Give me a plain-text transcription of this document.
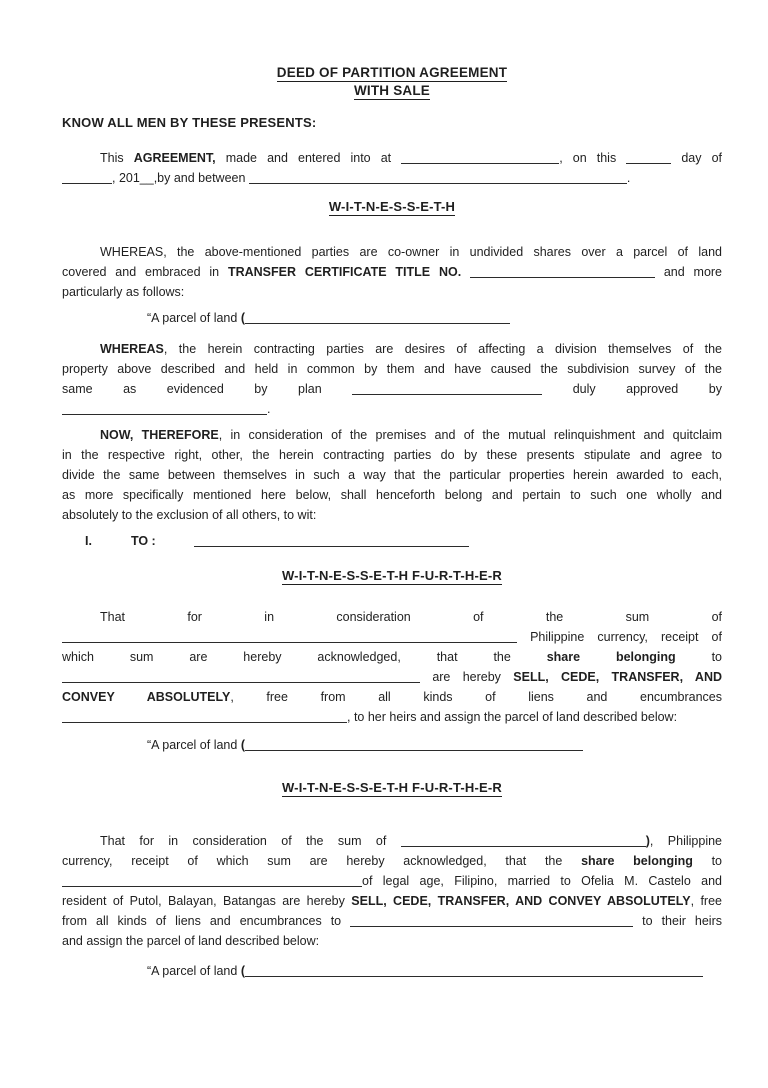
DEED OF PARTITION AGREEMENT
WITH SALE
KNOW ALL MEN BY THESE PRESENTS:
This AGREEMENT, made and entered into at	, on this	day of
, 201__,by and between	.
W-I-T-N-E-S-S-E-T-H
WHEREAS, the above-mentioned parties are co-owner in undivided shares over a parcel of land
covered and embraced in TRANSFER CERTIFICATE TITLE NO.	and more
particularly as follows:
“A parcel of land (
WHEREAS, the herein contracting parties are desires of affecting a division themselves of the
property above described and held in common by them and have caused the subdivision survey of the
same as evidenced by plan	duly approved by
.
NOW, THEREFORE, in consideration of the premises and of the mutual relinquishment and quitclaim
in the respective right, other, the herein contracting parties do by these presents stipulate and agree to
divide the same between themselves in such a way that the particular properties herein awarded to each,
as more specifically mentioned here below, shall henceforth belong and pertain to such one wholly and
absolutely to the exclusion of all others, to wit:
I.	TO :
W-I-T-N-E-S-S-E-T-H F-U-R-T-H-E-R
That for in consideration of the sum of
Philippine currency, receipt of
which sum are hereby acknowledged, that the share belonging to
are hereby SELL, CEDE, TRANSFER, AND
CONVEY ABSOLUTELY, free from all kinds of liens and encumbrances
, to her heirs and assign the parcel of land described below:
“A parcel of land (
W-I-T-N-E-S-S-E-T-H F-U-R-T-H-E-R
That for in consideration of the sum of	), Philippine
currency, receipt of which sum are hereby acknowledged, that the share belonging to
of legal age, Filipino, married to Ofelia M. Castelo and
resident of Putol, Balayan, Batangas are hereby SELL, CEDE, TRANSFER, AND CONVEY ABSOLUTELY, free
from all kinds of liens and encumbrances to	to their heirs
and assign the parcel of land described below:
“A parcel of land (
